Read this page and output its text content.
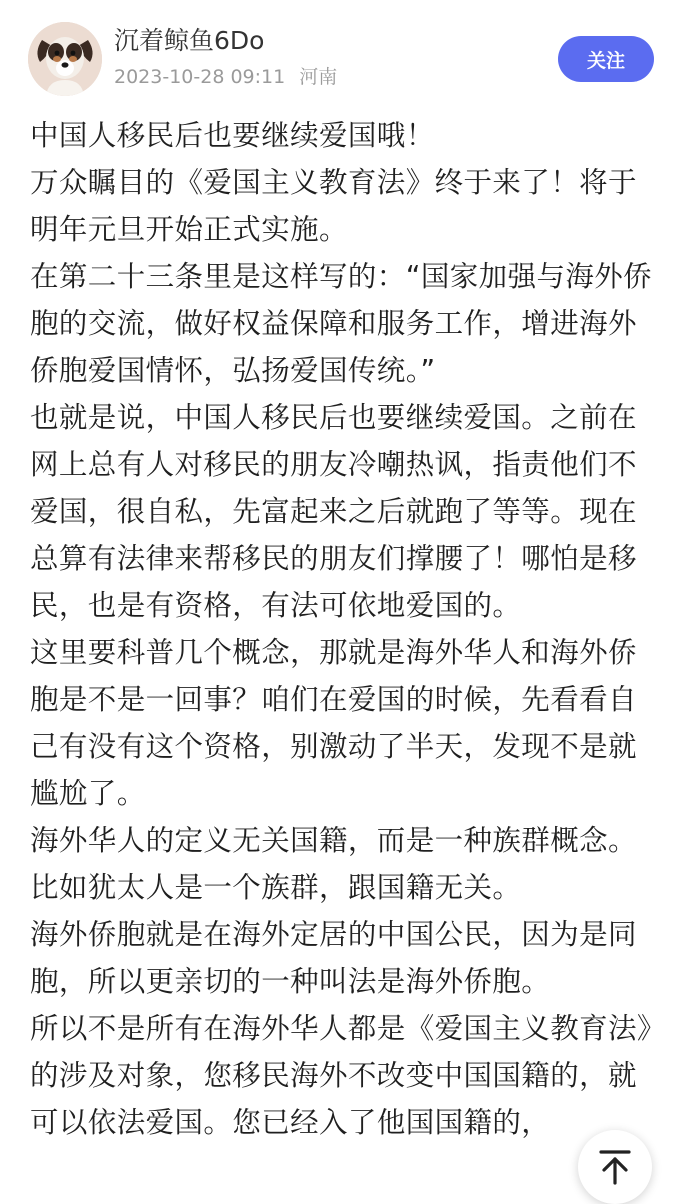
沉着鲸鱼6Do
2023-10-28 09:11 河南
关注

中国人移民后也要继续爱国哦！

万众瞩目的《爱国主义教育法》终于来了！将于明年元旦开始正式实施。

在第二十三条里是这样写的：“国家加强与海外侨胞的交流，做好权益保障和服务工作，增进海外侨胞爱国情怀，弘扬爱国传统。”

也就是说，中国人移民后也要继续爱国。之前在网上总有人对移民的朋友冷嘲热讽，指责他们不爱国，很自私，先富起来之后就跑了等等。现在总算有法律来帮移民的朋友们撑腰了！哪怕是移民，也是有资格，有法可依地爱国的。

这里要科普几个概念，那就是海外华人和海外侨胞是不是一回事？咱们在爱国的时候，先看看自己有没有这个资格，别激动了半天，发现不是就尴尬了。

海外华人的定义无关国籍，而是一种族群概念。比如犹太人是一个族群，跟国籍无关。

海外侨胞就是在海外定居的中国公民，因为是同胞，所以更亲切的一种叫法是海外侨胞。

所以不是所有在海外华人都是《爱国主义教育法》的涉及对象，您移民海外不改变中国国籍的，就可以依法爱国。您已经入了他国国籍的，
